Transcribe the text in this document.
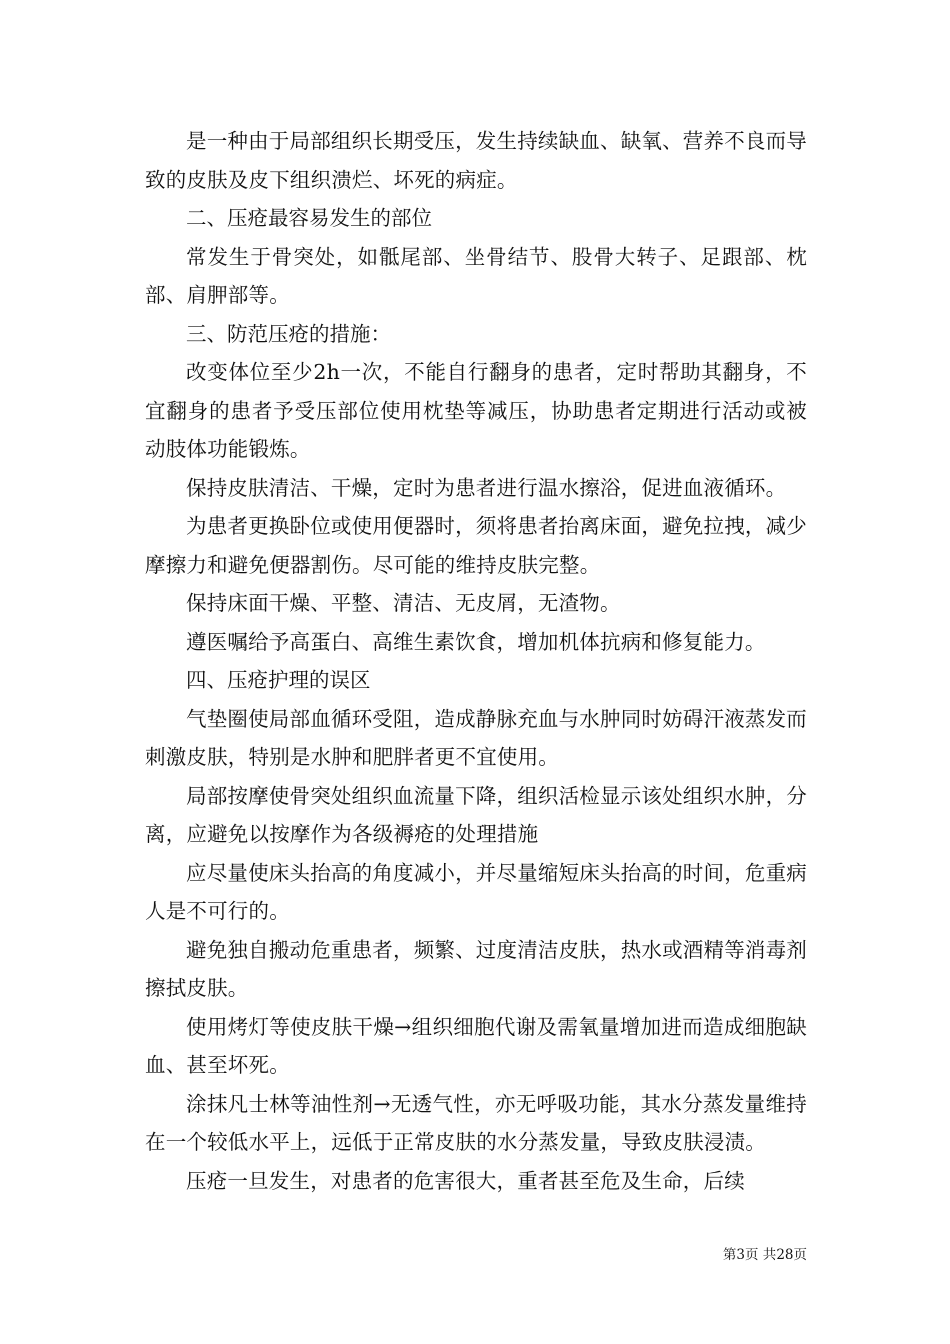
是一种由于局部组织长期受压，发生持续缺血、缺氧、营养不良而导致的皮肤及皮下组织溃烂、坏死的病症。

二、压疮最容易发生的部位

常发生于骨突处，如骶尾部、坐骨结节、股骨大转子、足跟部、枕部、肩胛部等。

三、防范压疮的措施：

改变体位至少2h一次，不能自行翻身的患者，定时帮助其翻身，不宜翻身的患者予受压部位使用枕垫等减压，协助患者定期进行活动或被动肢体功能锻炼。

保持皮肤清洁、干燥，定时为患者进行温水擦浴，促进血液循环。

为患者更换卧位或使用便器时，须将患者抬离床面，避免拉拽，减少摩擦力和避免便器割伤。尽可能的维持皮肤完整。

保持床面干燥、平整、清洁、无皮屑，无渣物。

遵医嘱给予高蛋白、高维生素饮食，增加机体抗病和修复能力。

四、压疮护理的误区

气垫圈使局部血循环受阻，造成静脉充血与水肿同时妨碍汗液蒸发而刺激皮肤，特别是水肿和肥胖者更不宜使用。

局部按摩使骨突处组织血流量下降，组织活检显示该处组织水肿，分离，应避免以按摩作为各级褥疮的处理措施

应尽量使床头抬高的角度减小，并尽量缩短床头抬高的时间，危重病人是不可行的。

避免独自搬动危重患者，频繁、过度清洁皮肤，热水或酒精等消毒剂擦拭皮肤。

使用烤灯等使皮肤干燥→组织细胞代谢及需氧量增加进而造成细胞缺血、甚至坏死。

涂抹凡士林等油性剂→无透气性，亦无呼吸功能，其水分蒸发量维持在一个较低水平上，远低于正常皮肤的水分蒸发量，导致皮肤浸渍。

压疮一旦发生，对患者的危害很大，重者甚至危及生命，后续

第3页 共28页
